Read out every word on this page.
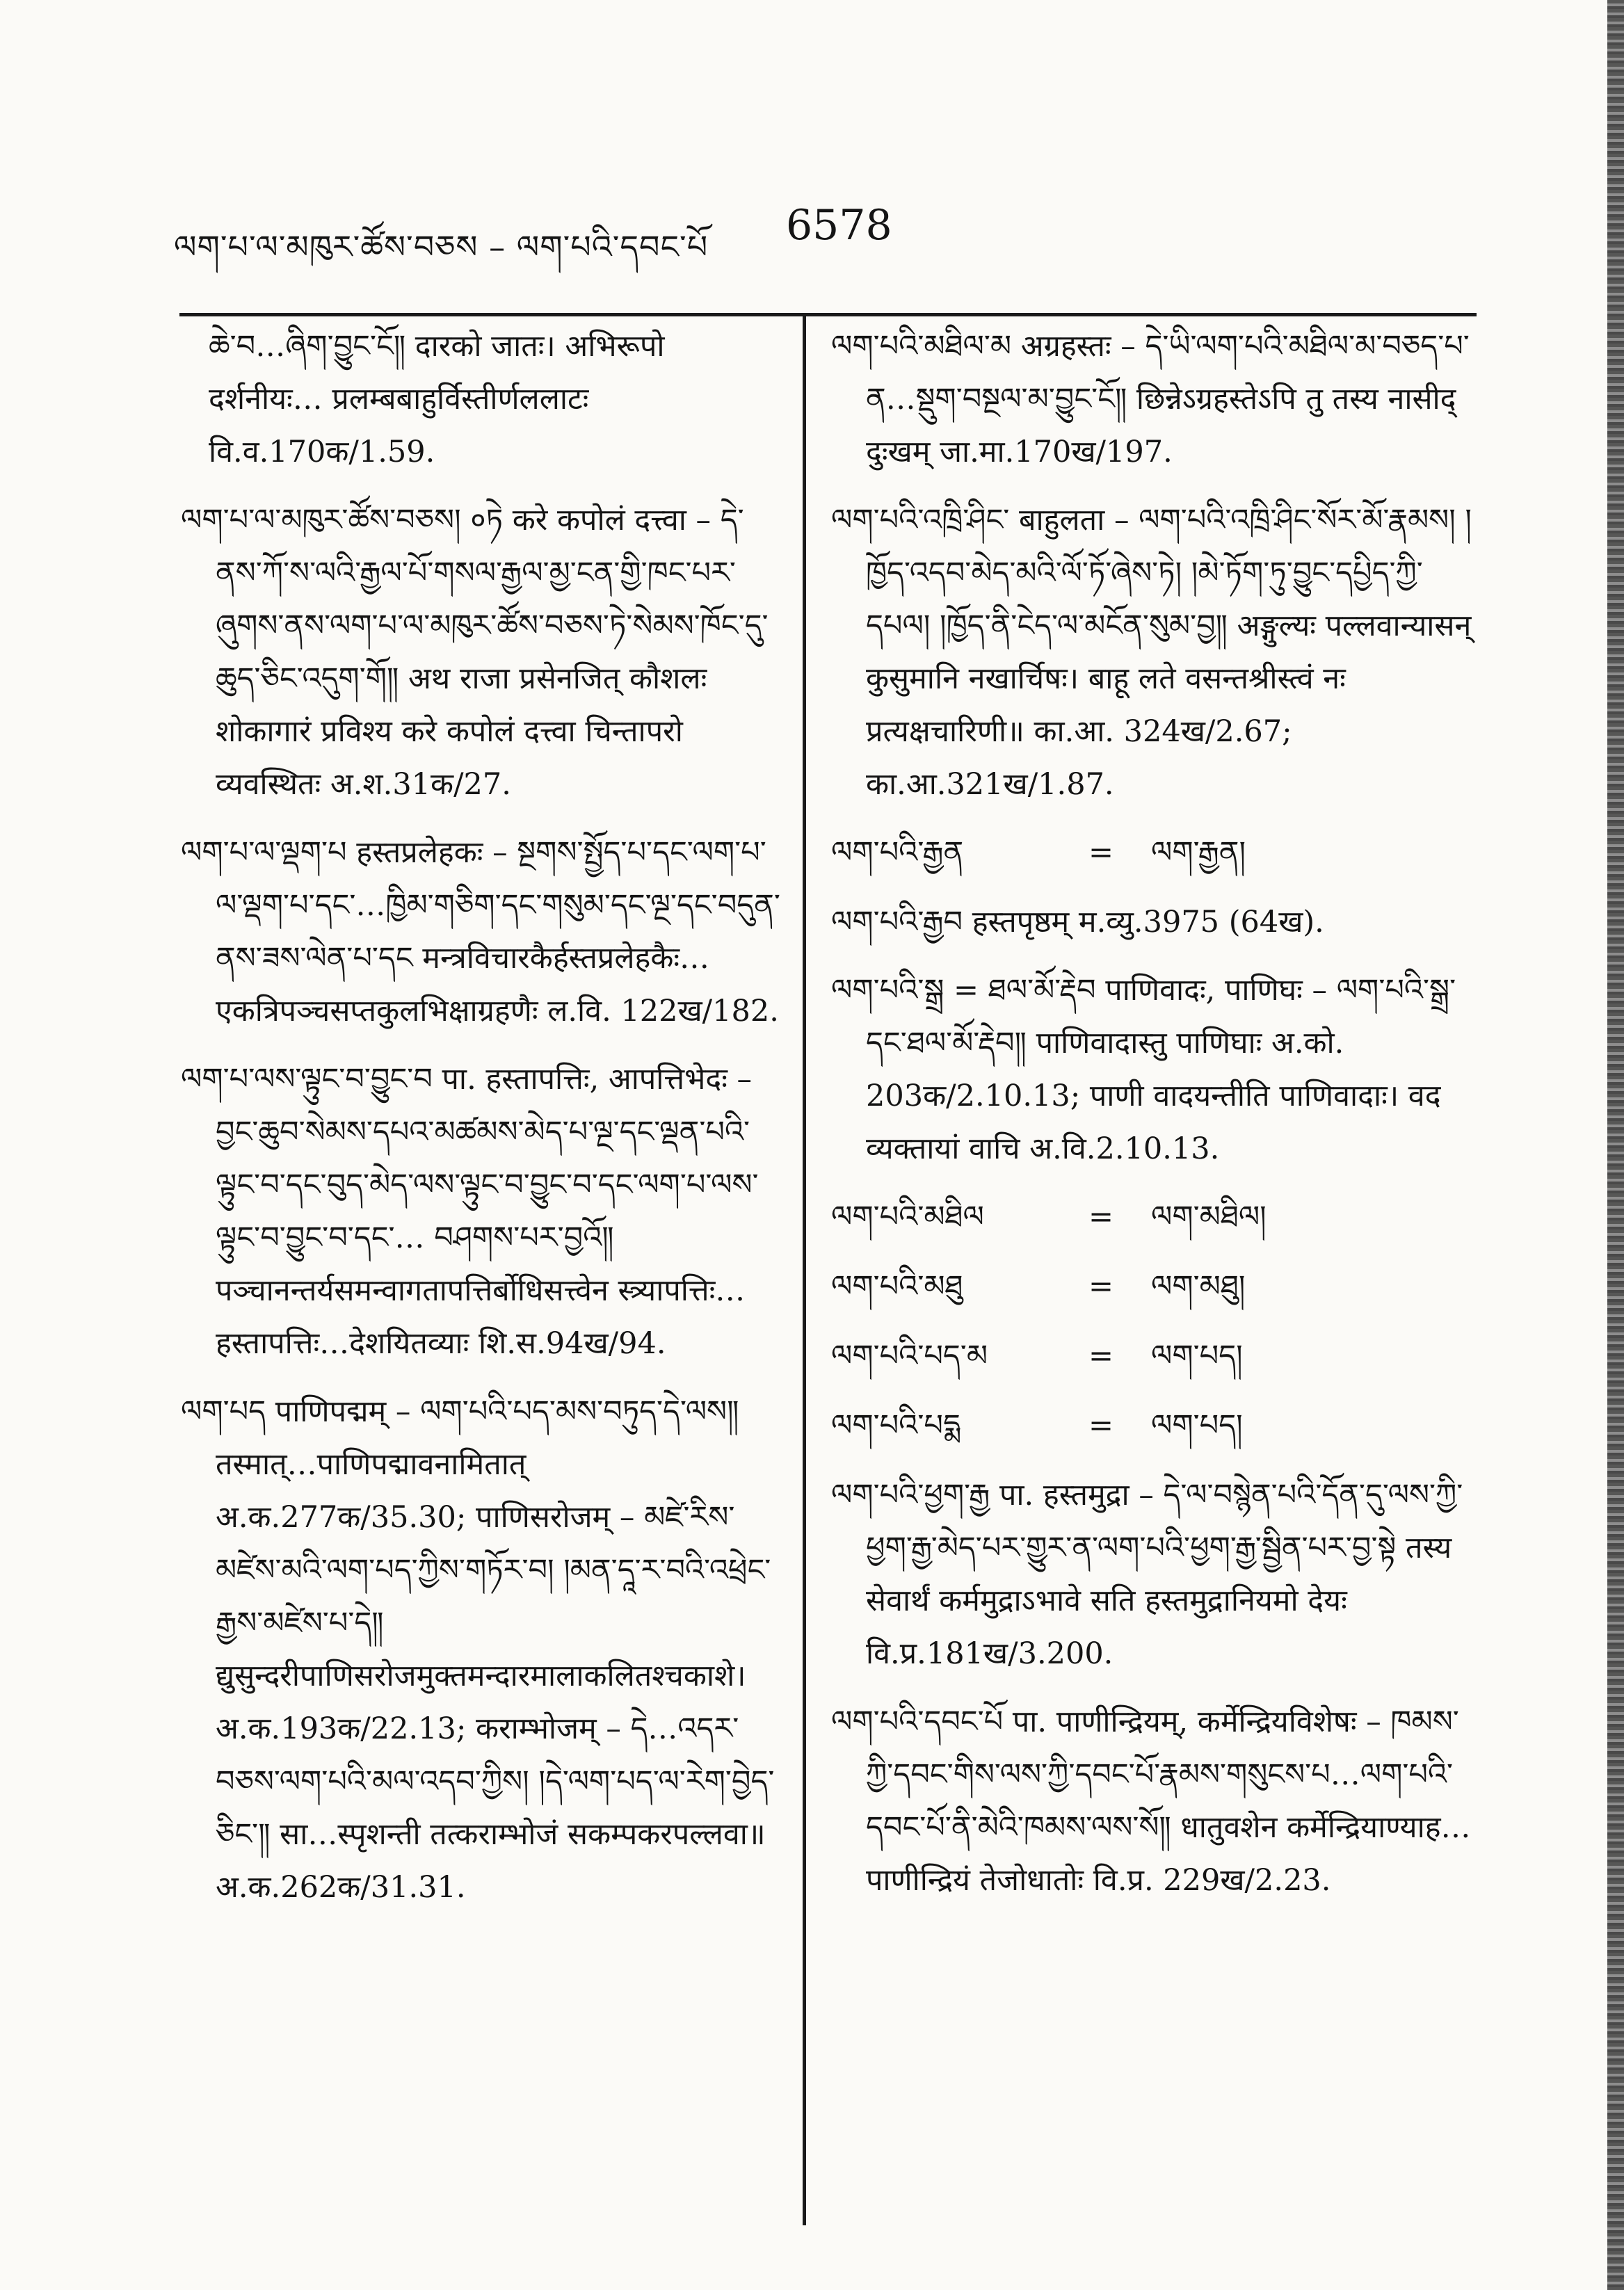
ལག་པ་ལ་མཁུར་ཚོས་བཅས – ལག་པའི་དབང་པོ 6578

ཆེ་བ…ཞིག་བྱུང་ངོ༎ दारको जातः। अभिरूपो दर्शनीयः… प्रलम्बबाहुर्विस्तीर्णललाटः वि.व.170क/1.59.

ལག་པ་ལ་མཁུར་ཚོས་བཅས། ०ཏེ करे कपोलं दत्त्वा – དེ་ནས་ཀོ་ས་ལའི་རྒྱལ་པོ་གསལ་རྒྱལ་མྱ་ངན་གྱི་ཁང་པར་ཞུགས་ནས་ལག་པ་ལ་མཁུར་ཚོས་བཅས་ཏེ་སེམས་ཁོང་དུ་ཆུད་ཅིང་འདུག་གོ༎ अथ राजा प्रसेनजित् कौशलः शोकागारं प्रविश्य करे कपोलं दत्त्वा चिन्तापरो व्यवस्थितः अ.श.31क/27.

ལག་པ་ལ་ལྡག་པ हस्तप्रलेहकः – སྔགས་སྤྱོད་པ་དང་ལག་པ་ལ་ལྡག་པ་དང་…ཁྱིམ་གཅིག་དང་གསུམ་དང་ལྔ་དང་བདུན་ནས་ཟས་ལེན་པ་དང मन्त्रविचारकैर्हस्तप्रलेहकैः… एकत्रिपञ्चसप्तकुलभिक्षाग्रहणैः ल.वि. 122ख/182.

ལག་པ་ལས་ལྟུང་བ་བྱུང་བ पा. हस्तापत्तिः, आपत्तिभेदः – བྱང་ཆུབ་སེམས་དཔའ་མཚམས་མེད་པ་ལྔ་དང་ལྡན་པའི་ལྟུང་བ་དང་བུད་མེད་ལས་ལྟུང་བ་བྱུང་བ་དང་ལག་པ་ལས་ལྟུང་བ་བྱུང་བ་དང་… བཤགས་པར་བྱའོ༎ पञ्चानन्तर्यसमन्वागतापत्तिर्बोधिसत्त्वेन स्त्र्यापत्तिः…हस्तापत्तिः…देशयितव्याः शि.स.94ख/94.

ལག་པད पाणिपद्मम् – ལག་པའི་པད་མས་བཏུད་དེ་ལས༎ तस्मात्…पाणिपद्मावनामितात् अ.क.277क/35.30; पाणिसरोजम् – མཛེ་རིས་མཛེས་མའི་ལག་པད་ཀྱིས་གཏོར་བ། །མན་དཱ་ར་བའི་འཕྲེང་རྒྱས་མཛེས་པ་དེ༎ द्युसुन्दरीपाणिसरोजमुक्तमन्दारमालाकलितश्चकाशे। अ.क.193क/22.13; कराम्भोजम् – དེ…འདར་བཅས་ལག་པའི་མལ་འདབ་ཀྱིས། །དེ་ལག་པད་ལ་རེག་བྱེད་ཅིང་༎ सा…स्पृशन्ती तत्कराम्भोजं सकम्पकरपल्लवा॥ अ.क.262क/31.31.

ལག་པའི་མཐིལ་མ अग्रहस्तः – དེ་ཡི་ལག་པའི་མཐིལ་མ་བཅད་པ་ན…སྡུག་བསྔལ་མ་བྱུང་ངོ༎ छिन्नेऽग्रहस्तेऽपि तु तस्य नासीद् दुःखम् जा.मा.170ख/197.

ལག་པའི་འཁྲི་ཤིང་ बाहुलता – ལག་པའི་འཁྲི་ཤིང་སོར་མོ་རྣམས། །ཁྱོད་འདབ་མེད་མའི་ལོ་ཏོ་ཞེས་ཏེ། །མེ་ཏོག་ཏུ་བྱུང་དཔྱིད་ཀྱི་དཔལ། །ཁྱོད་ནི་ངེད་ལ་མངོན་སུམ་བྱ༎ अङ्गुल्यः पल्लवान्यासन् कुसुमानि नखार्चिषः। बाहू लते वसन्तश्रीस्त्वं नः प्रत्यक्षचारिणी॥ का.आ. 324ख/2.67; का.आ.321ख/1.87.

ལག་པའི་རྒྱན	=	ལག་རྒྱན།

ལག་པའི་རྒྱབ हस्तपृष्ठम् म.व्यु.3975 (64ख).

ལག་པའི་སྒྲ = ཐལ་མོ་རྡེབ पाणिवादः, पाणिघः – ལག་པའི་སྒྲ་དང་ཐལ་མོ་རྡེབ༎ पाणिवादास्तु पाणिघाः अ.को. 203क/2.10.13; पाणी वादयन्तीति पाणिवादाः। वद व्यक्तायां वाचि अ.वि.2.10.13.

ལག་པའི་མཐིལ	=	ལག་མཐིལ།
ལག་པའི་མཐུ	=	ལག་མཐུ།
ལག་པའི་པད་མ	=	ལག་པད།
ལག་པའི་པདྨ	=	ལག་པད།

ལག་པའི་ཕྱག་རྒྱ पा. हस्तमुद्रा – དེ་ལ་བསྙེན་པའི་དོན་དུ་ལས་ཀྱི་ཕྱག་རྒྱ་མེད་པར་གྱུར་ན་ལག་པའི་ཕྱག་རྒྱ་སྦྱིན་པར་བྱ་སྟེ तस्य सेवार्थं कर्ममुद्राऽभावे सति हस्तमुद्रानियमो देयः वि.प्र.181ख/3.200.

ལག་པའི་དབང་པོ पा. पाणीन्द्रियम्, कर्मेन्द्रियविशेषः – ཁམས་ཀྱི་དབང་གིས་ལས་ཀྱི་དབང་པོ་རྣམས་གསུངས་པ…ལག་པའི་དབང་པོ་ནི་མེའི་ཁམས་ལས་སོ༎ धातुवशेन कर्मेन्द्रियाण्याह…पाणीन्द्रियं तेजोधातोः वि.प्र. 229ख/2.23.
